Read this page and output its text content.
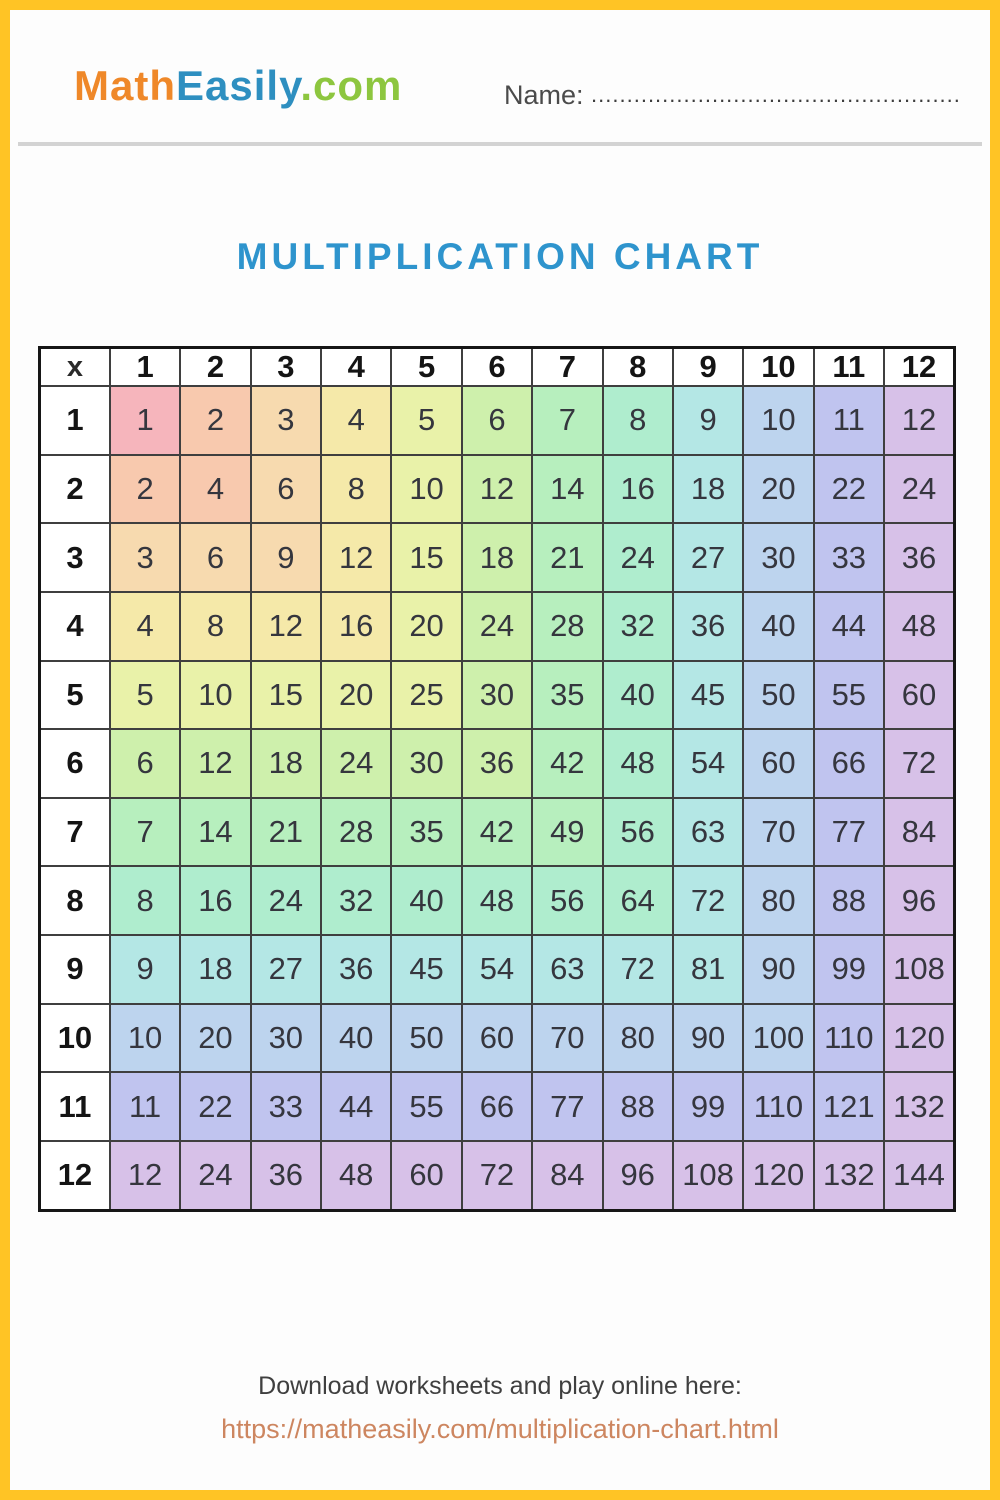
MathEasily.com	Name: ....................................................
MULTIPLICATION CHART
x	1	2	3	4	5	6	7	8	9	10	11	12
1	1	2	3	4	5	6	7	8	9	10	11	12
2	2	4	6	8	10	12	14	16	18	20	22	24
3	3	6	9	12	15	18	21	24	27	30	33	36
4	4	8	12	16	20	24	28	32	36	40	44	48
5	5	10	15	20	25	30	35	40	45	50	55	60
6	6	12	18	24	30	36	42	48	54	60	66	72
7	7	14	21	28	35	42	49	56	63	70	77	84
8	8	16	24	32	40	48	56	64	72	80	88	96
9	9	18	27	36	45	54	63	72	81	90	99	108
10	10	20	30	40	50	60	70	80	90	100	110	120
11	11	22	33	44	55	66	77	88	99	110	121	132
12	12	24	36	48	60	72	84	96	108	120	132	144

Download worksheets and play online here:

https://matheasily.com/multiplication-chart.html
